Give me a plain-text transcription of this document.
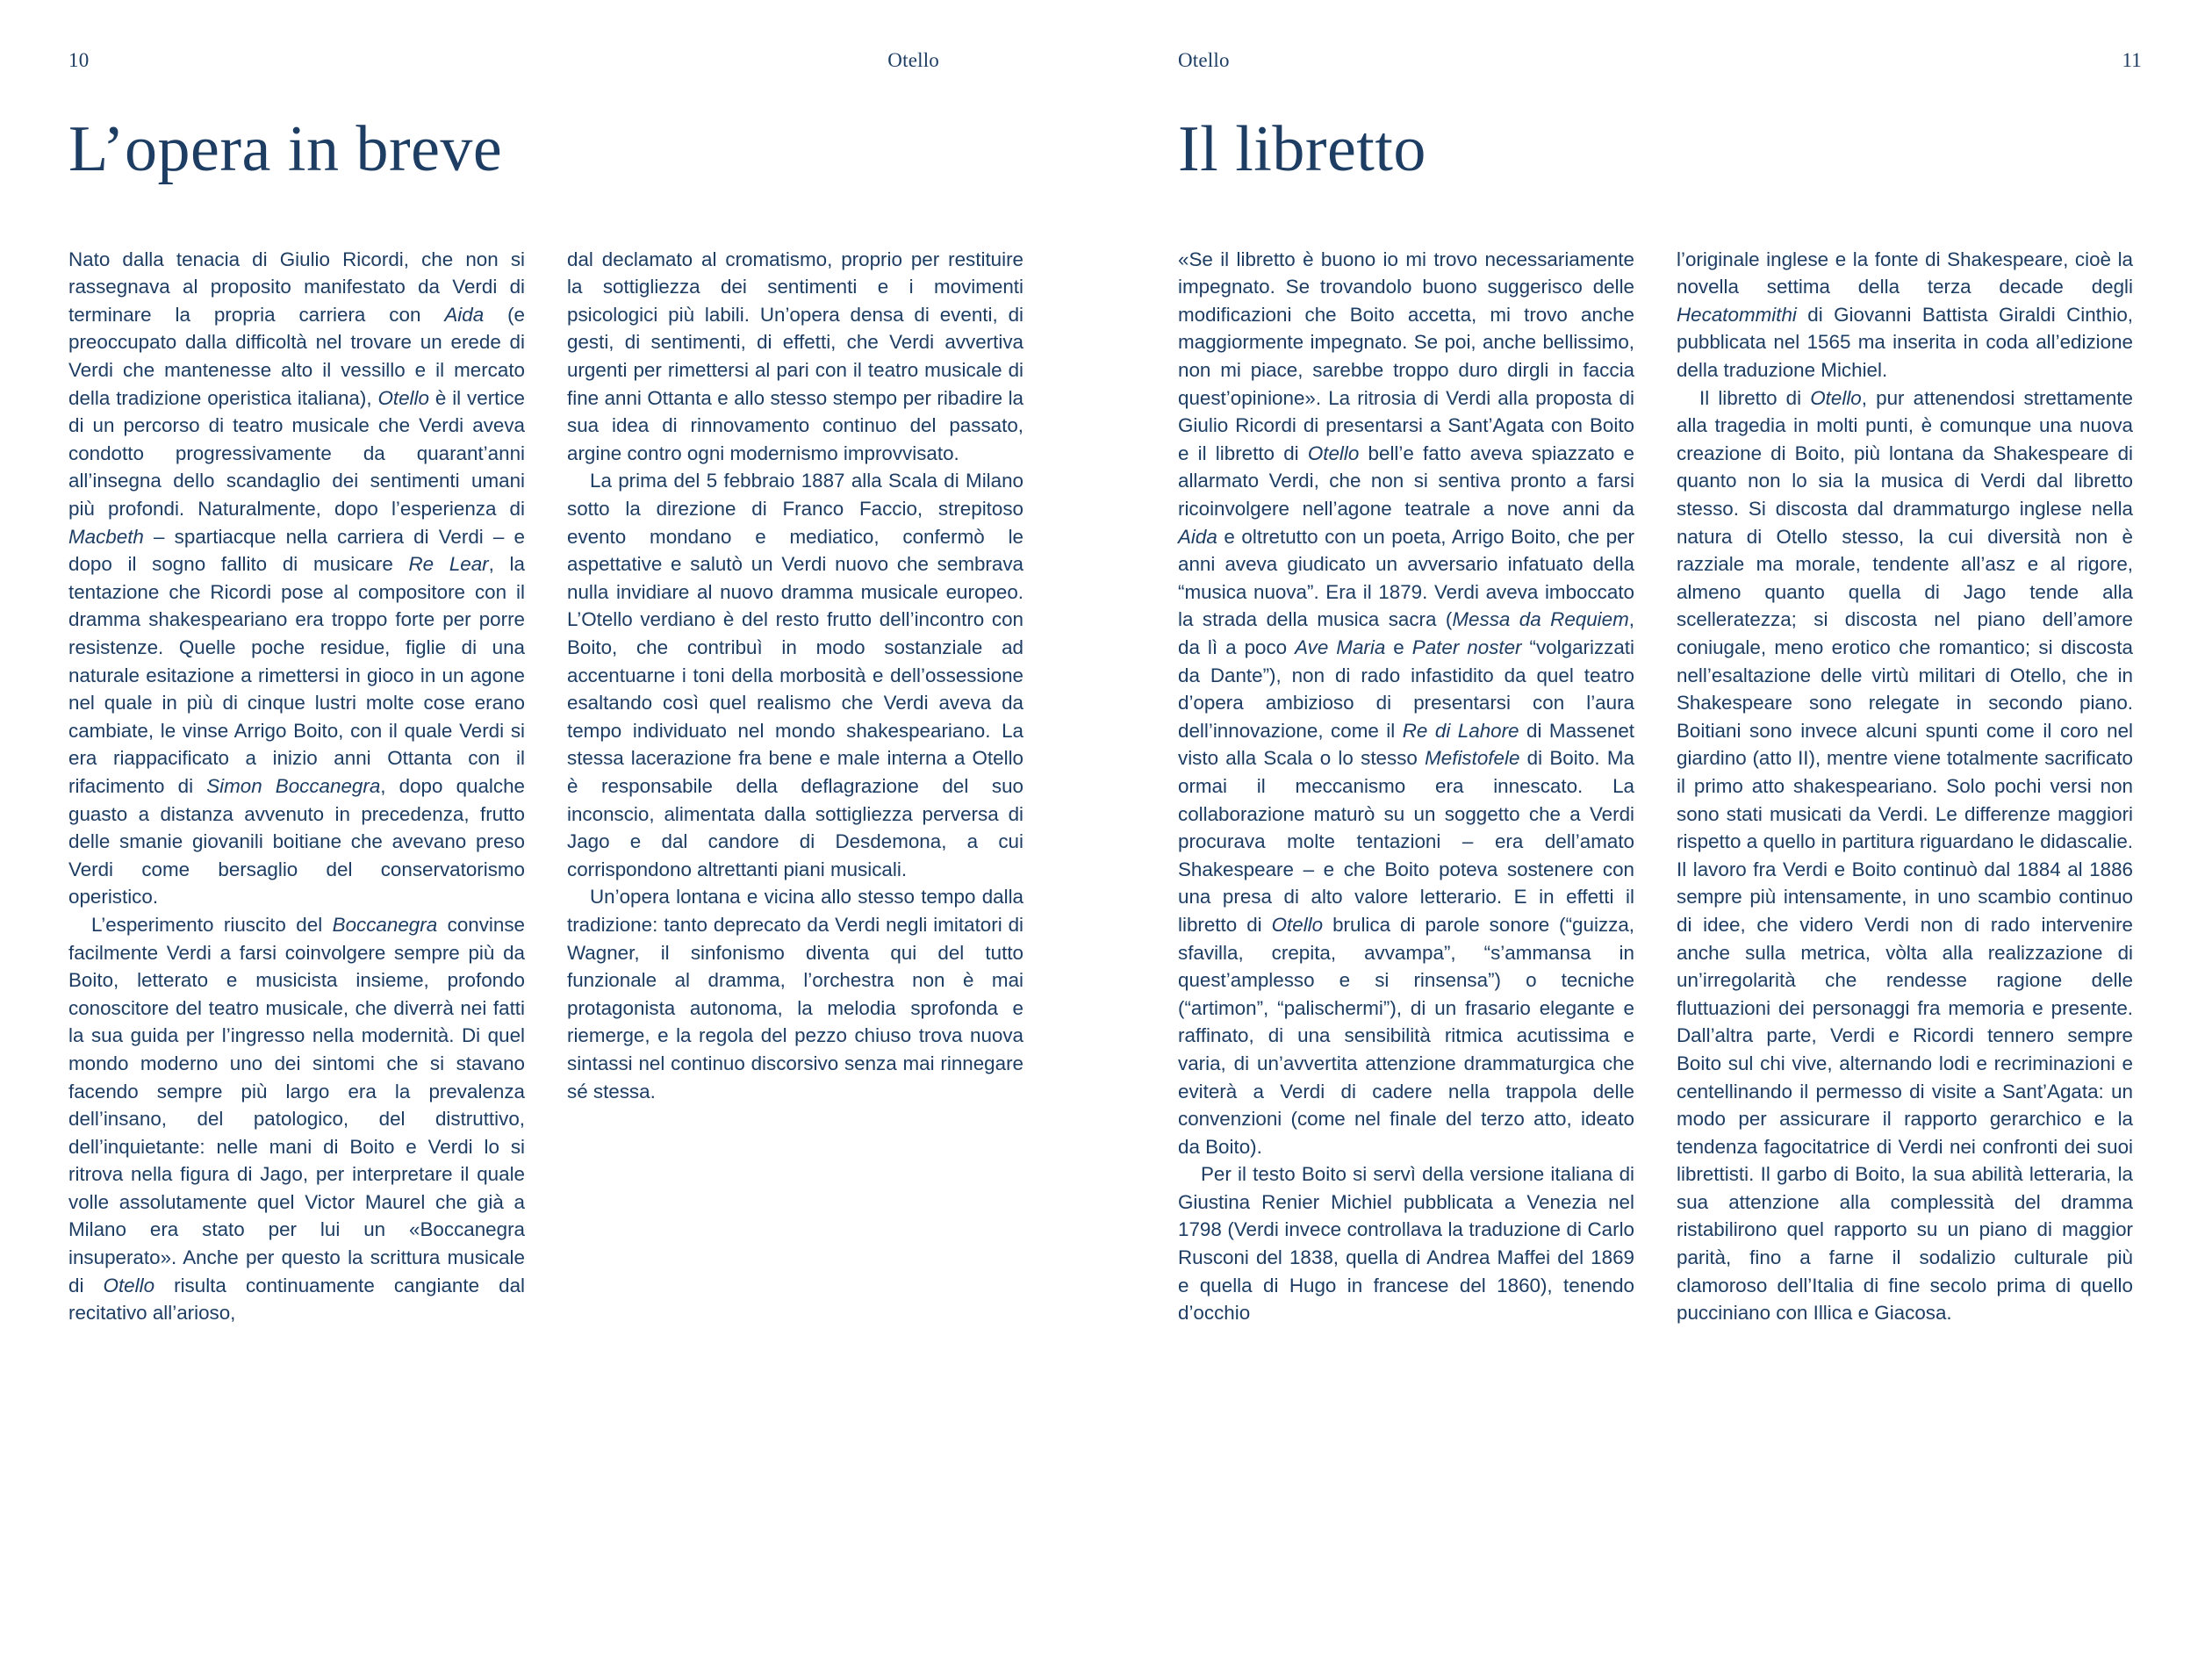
10	Otello
L’opera in breve

Nato dalla tenacia di Giulio Ricordi, che non si rassegnava al proposito manifestato da Verdi di terminare la propria carriera con Aida (e preoccupato dalla difficoltà nel trovare un erede di Verdi che mantenesse alto il vessillo e il mercato della tradizione operistica italiana), Otello è il vertice di un percorso di teatro musicale che Verdi aveva condotto progressivamente da quarant’anni all’insegna dello scandaglio dei sentimenti umani più profondi. Naturalmente, dopo l’esperienza di Macbeth – spartiacque nella carriera di Verdi – e dopo il sogno fallito di musicare Re Lear, la tentazione che Ricordi pose al compositore con il dramma shakespeariano era troppo forte per porre resistenze. Quelle poche residue, figlie di una naturale esitazione a rimettersi in gioco in un agone nel quale in più di cinque lustri molte cose erano cambiate, le vinse Arrigo Boito, con il quale Verdi si era riappacificato a inizio anni Ottanta con il rifacimento di Simon Boccanegra, dopo qualche guasto a distanza avvenuto in precedenza, frutto delle smanie giovanili boitiane che avevano preso Verdi come bersaglio del conservatorismo operistico.

L’esperimento riuscito del Boccanegra convinse facilmente Verdi a farsi coinvolgere sempre più da Boito, letterato e musicista insieme, profondo conoscitore del teatro musicale, che diverrà nei fatti la sua guida per l’ingresso nella modernità. Di quel mondo moderno uno dei sintomi che si stavano facendo sempre più largo era la prevalenza dell’insano, del patologico, del distruttivo, dell’inquietante: nelle mani di Boito e Verdi lo si ritrova nella figura di Jago, per interpretare il quale volle assolutamente quel Victor Maurel che già a Milano era stato per lui un «Boccanegra insuperato». Anche per questo la scrittura musicale di Otello risulta continuamente cangiante dal recitativo all’arioso,

dal declamato al cromatismo, proprio per restituire la sottigliezza dei sentimenti e i movimenti psicologici più labili. Un’opera densa di eventi, di gesti, di sentimenti, di effetti, che Verdi avvertiva urgenti per rimettersi al pari con il teatro musicale di fine anni Ottanta e allo stesso stempo per ribadire la sua idea di rinnovamento continuo del passato, argine contro ogni modernismo improvvisato.

La prima del 5 febbraio 1887 alla Scala di Milano sotto la direzione di Franco Faccio, strepitoso evento mondano e mediatico, confermò le aspettative e salutò un Verdi nuovo che sembrava nulla invidiare al nuovo dramma musicale europeo. L’Otello verdiano è del resto frutto dell’incontro con Boito, che contribuì in modo sostanziale ad accentuarne i toni della morbosità e dell’ossessione esaltando così quel realismo che Verdi aveva da tempo individuato nel mondo shakespeariano. La stessa lacerazione fra bene e male interna a Otello è responsabile della deflagrazione del suo inconscio, alimentata dalla sottigliezza perversa di Jago e dal candore di Desdemona, a cui corrispondono altrettanti piani musicali.

Un’opera lontana e vicina allo stesso tempo dalla tradizione: tanto deprecato da Verdi negli imitatori di Wagner, il sinfonismo diventa qui del tutto funzionale al dramma, l’orchestra non è mai protagonista autonoma, la melodia sprofonda e riemerge, e la regola del pezzo chiuso trova nuova sintassi nel continuo discorsivo senza mai rinnegare sé stessa.

Otello	11
Il libretto

«Se il libretto è buono io mi trovo necessariamente impegnato. Se trovandolo buono suggerisco delle modificazioni che Boito accetta, mi trovo anche maggiormente impegnato. Se poi, anche bellissimo, non mi piace, sarebbe troppo duro dirgli in faccia quest’opinione». La ritrosia di Verdi alla proposta di Giulio Ricordi di presentarsi a Sant’Agata con Boito e il libretto di Otello bell’e fatto aveva spiazzato e allarmato Verdi, che non si sentiva pronto a farsi ricoinvolgere nell’agone teatrale a nove anni da Aida e oltretutto con un poeta, Arrigo Boito, che per anni aveva giudicato un avversario infatuato della “musica nuova”. Era il 1879. Verdi aveva imboccato la strada della musica sacra (Messa da Requiem, da lì a poco Ave Maria e Pater noster “volgarizzati da Dante”), non di rado infastidito da quel teatro d’opera ambizioso di presentarsi con l’aura dell’innovazione, come il Re di Lahore di Massenet visto alla Scala o lo stesso Mefistofele di Boito. Ma ormai il meccanismo era innescato. La collaborazione maturò su un soggetto che a Verdi procurava molte tentazioni – era dell’amato Shakespeare – e che Boito poteva sostenere con una presa di alto valore letterario. E in effetti il libretto di Otello brulica di parole sonore (“guizza, sfavilla, crepita, avvampa”, “s’ammansa in quest’amplesso e si rinsensa”) o tecniche (“artimon”, “palischermi”), di un frasario elegante e raffinato, di una sensibilità ritmica acutissima e varia, di un’avvertita attenzione drammaturgica che eviterà a Verdi di cadere nella trappola delle convenzioni (come nel finale del terzo atto, ideato da Boito).

Per il testo Boito si servì della versione italiana di Giustina Renier Michiel pubblicata a Venezia nel 1798 (Verdi invece controllava la traduzione di Carlo Rusconi del 1838, quella di Andrea Maffei del 1869 e quella di Hugo in francese del 1860), tenendo d’occhio

l’originale inglese e la fonte di Shakespeare, cioè la novella settima della terza decade degli Hecatommithi di Giovanni Battista Giraldi Cinthio, pubblicata nel 1565 ma inserita in coda all’edizione della traduzione Michiel.

Il libretto di Otello, pur attenendosi strettamente alla tragedia in molti punti, è comunque una nuova creazione di Boito, più lontana da Shakespeare di quanto non lo sia la musica di Verdi dal libretto stesso. Si discosta dal drammaturgo inglese nella natura di Otello stesso, la cui diversità non è razziale ma morale, tendente all’asz e al rigore, almeno quanto quella di Jago tende alla scelleratezza; si discosta nel piano dell’amore coniugale, meno erotico che romantico; si discosta nell’esaltazione delle virtù militari di Otello, che in Shakespeare sono relegate in secondo piano. Boitiani sono invece alcuni spunti come il coro nel giardino (atto II), mentre viene totalmente sacrificato il primo atto shakespeariano. Solo pochi versi non sono stati musicati da Verdi. Le differenze maggiori rispetto a quello in partitura riguardano le didascalie. Il lavoro fra Verdi e Boito continuò dal 1884 al 1886 sempre più intensamente, in uno scambio continuo di idee, che videro Verdi non di rado intervenire anche sulla metrica, vòlta alla realizzazione di un’irregolarità che rendesse ragione delle fluttuazioni dei personaggi fra memoria e presente. Dall’altra parte, Verdi e Ricordi tennero sempre Boito sul chi vive, alternando lodi e recriminazioni e centellinando il permesso di visite a Sant’Agata: un modo per assicurare il rapporto gerarchico e la tendenza fagocitatrice di Verdi nei confronti dei suoi librettisti. Il garbo di Boito, la sua abilità letteraria, la sua attenzione alla complessità del dramma ristabilirono quel rapporto su un piano di maggior parità, fino a farne il sodalizio culturale più clamoroso dell’Italia di fine secolo prima di quello pucciniano con Illica e Giacosa.
